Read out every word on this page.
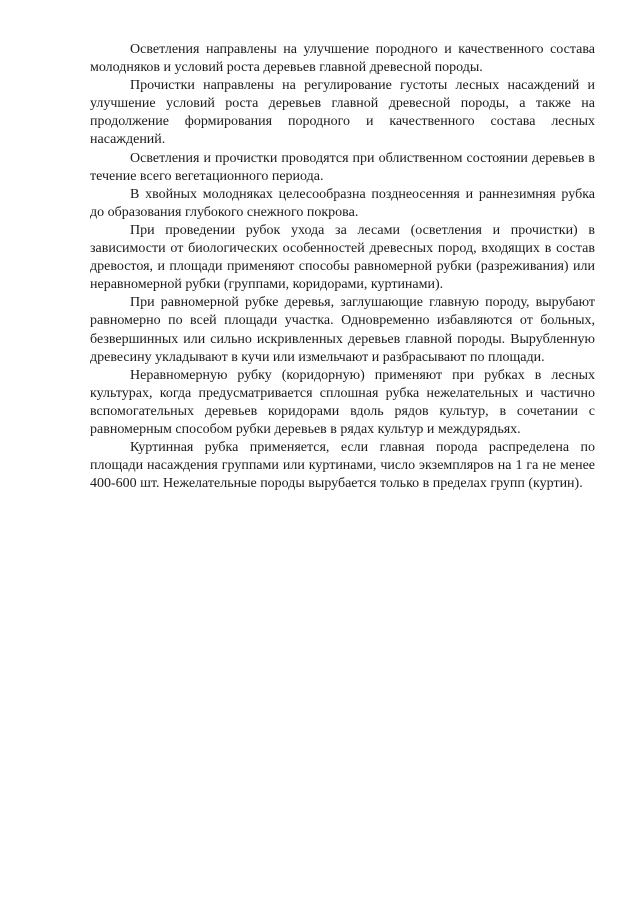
Осветления направлены на улучшение породного и качественного состава молодняков и условий роста деревьев главной древесной породы.

Прочистки направлены на регулирование густоты лесных насаждений и улучшение условий роста деревьев главной древесной породы, а также на продолжение формирования породного и качественного состава лесных насаждений.

Осветления и прочистки проводятся при облиственном состоянии деревьев в течение всего вегетационного периода.

В хвойных молодняках целесообразна позднеосенняя и раннезимняя рубка до образования глубокого снежного покрова.

При проведении рубок ухода за лесами (осветления и прочистки) в зависимости от биологических особенностей древесных пород, входящих в состав древостоя, и площади применяют способы равномерной рубки (разреживания) или неравномерной рубки (группами, коридорами, куртинами).

При равномерной рубке деревья, заглушающие главную породу, вырубают равномерно по всей площади участка. Одновременно избавляются от больных, безвершинных или сильно искривленных деревьев главной породы. Вырубленную древесину укладывают в кучи или измельчают и разбрасывают по площади.

Неравномерную рубку (коридорную) применяют при рубках в лесных культурах, когда предусматривается сплошная рубка нежелательных и частично вспомогательных деревьев коридорами вдоль рядов культур, в сочетании с равномерным способом рубки деревьев в рядах культур и междурядьях.

Куртинная рубка применяется, если главная порода распределена по площади насаждения группами или куртинами, число экземпляров на 1 га не менее 400-600 шт. Нежелательные породы вырубается только в пределах групп (куртин).
